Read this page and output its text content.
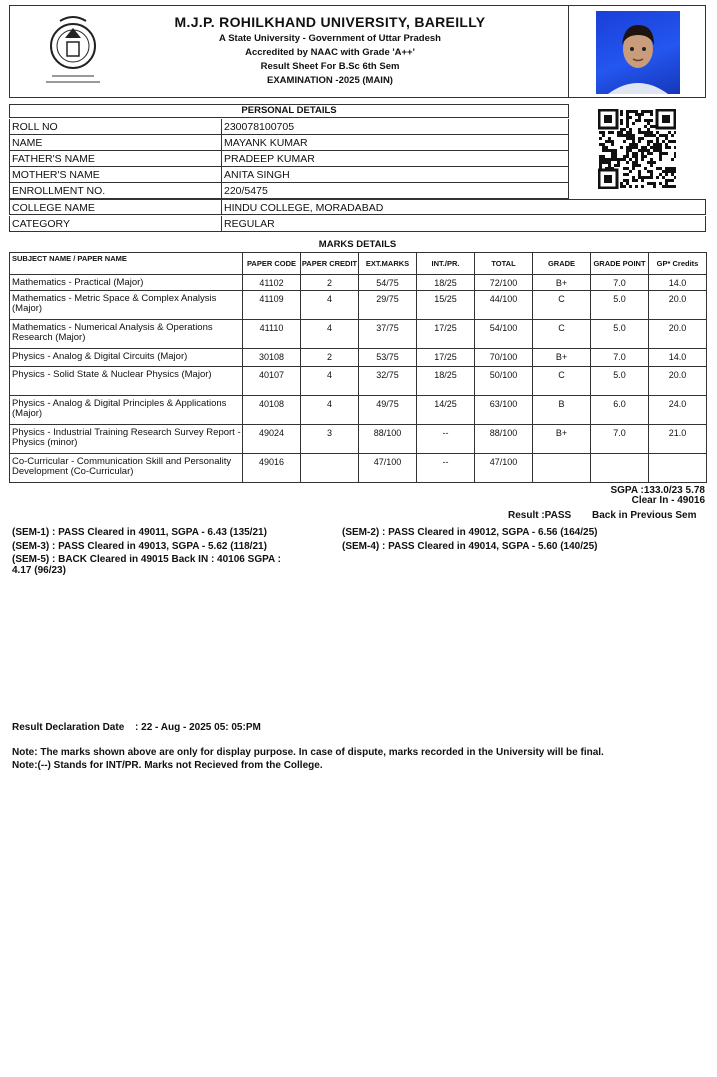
M.J.P. ROHILKHAND UNIVERSITY, BAREILLY
A State University - Government of Uttar Pradesh
Accredited by NAAC with Grade 'A++'
Result Sheet For B.Sc 6th Sem
EXAMINATION -2025 (MAIN)
PERSONAL DETAILS
ROLL NO	230078100705
NAME	MAYANK KUMAR
FATHER'S NAME	PRADEEP KUMAR
MOTHER'S NAME	ANITA SINGH
ENROLLMENT NO.	220/5475
COLLEGE NAME	HINDU COLLEGE, MORADABAD
CATEGORY	REGULAR
MARKS DETAILS
SUBJECT NAME / PAPER NAME	PAPER CODE	PAPER CREDIT	EXT.MARKS	INT./PR.	TOTAL	GRADE	GRADE POINT	GP* Credits
Mathematics - Practical (Major)	41102	2	54/75	18/25	72/100	B+	7.0	14.0
Mathematics - Metric Space & Complex Analysis (Major)	41109	4	29/75	15/25	44/100	C	5.0	20.0
Mathematics - Numerical Analysis & Operations Research (Major)	41110	4	37/75	17/25	54/100	C	5.0	20.0
Physics - Analog & Digital Circuits (Major)	30108	2	53/75	17/25	70/100	B+	7.0	14.0
Physics - Solid State & Nuclear Physics (Major)	40107	4	32/75	18/25	50/100	C	5.0	20.0
Physics - Analog & Digital Principles & Applications (Major)	40108	4	49/75	14/25	63/100	B	6.0	24.0
Physics - Industrial Training Research Survey Report - Physics (minor)	49024	3	88/100	--	88/100	B+	7.0	21.0
Co-Curricular - Communication Skill and Personality Development (Co-Curricular)	49016		47/100	--	47/100			
SGPA :133.0/23 5.78
Clear In - 49016
Result :PASS Back in Previous Sem
(SEM-1) : PASS Cleared in 49011, SGPA - 6.43 (135/21)	(SEM-2) : PASS Cleared in 49012, SGPA - 6.56 (164/25)
(SEM-3) : PASS Cleared in 49013, SGPA - 5.62 (118/21)	(SEM-4) : PASS Cleared in 49014, SGPA - 5.60 (140/25)
(SEM-5) : BACK Cleared in 49015 Back IN : 40106 SGPA :
4.17 (96/23)
Result Declaration Date : 22 - Aug - 2025 05: 05:PM
Note: The marks shown above are only for display purpose. In case of dispute, marks recorded in the University will be final.
Note:(--) Stands for INT/PR. Marks not Recieved from the College.
